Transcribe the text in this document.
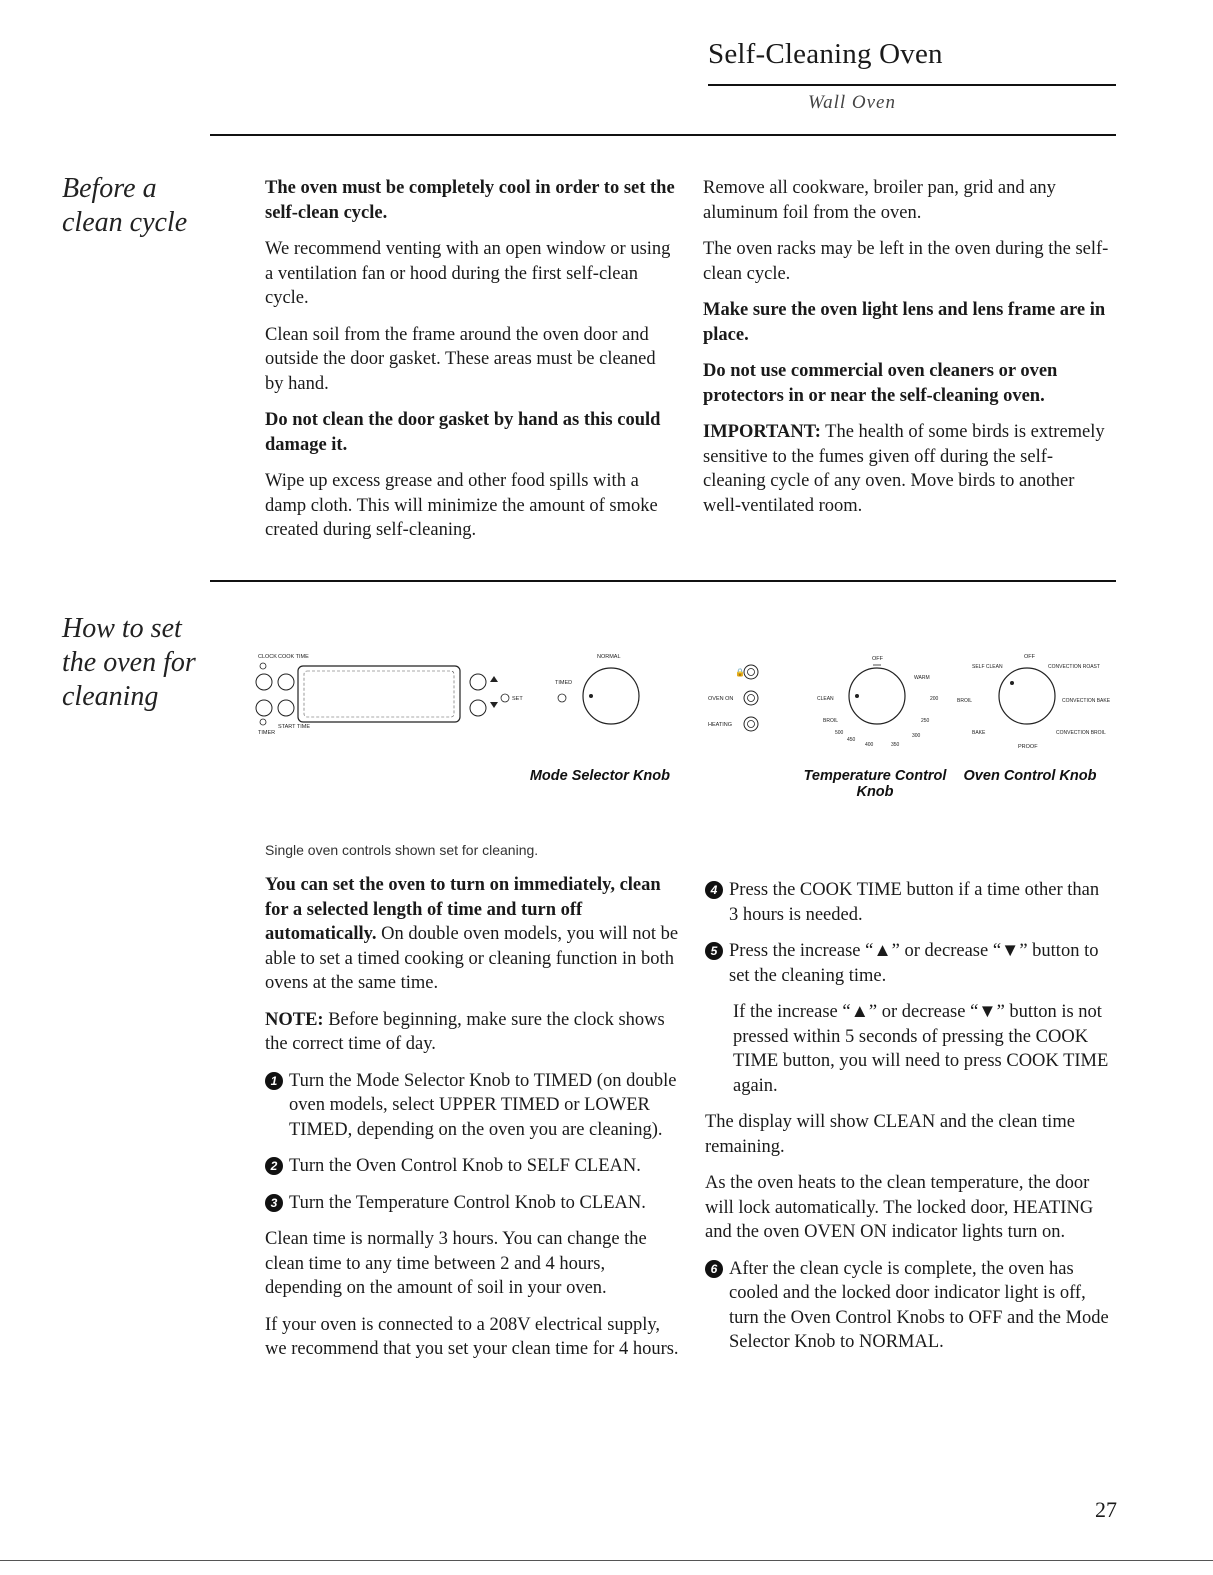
Self-Cleaning Oven
Wall Oven
Before a clean cycle

The oven must be completely cool in order to set the self-clean cycle.

We recommend venting with an open window or using a ventilation fan or hood during the first self-clean cycle.

Clean soil from the frame around the oven door and outside the door gasket. These areas must be cleaned by hand.

Do not clean the door gasket by hand as this could damage it.

Wipe up excess grease and other food spills with a damp cloth. This will minimize the amount of smoke created during self-cleaning.

Remove all cookware, broiler pan, grid and any aluminum foil from the oven.

The oven racks may be left in the oven during the self-clean cycle.

Make sure the oven light lens and lens frame are in place.

Do not use commercial oven cleaners or oven protectors in or near the self-cleaning oven.

IMPORTANT: The health of some birds is extremely sensitive to the fumes given off during the self-cleaning cycle of any oven. Move birds to another well-ventilated room.

How to set the oven for cleaning
CLOCK COOK TIME
TIMER
START TIME
SET
NORMAL
TIMED
🔒
OVEN ON
HEATING
OFF
WARM
CLEAN	200
BROIL	250
300
350
400
450
500
OFF
SELF CLEAN	CONVECTION ROAST
BROIL	CONVECTION BAKE
BAKE	CONVECTION BROIL
PROOF
Mode Selector Knob	Temperature Control
Knob
Oven Control Knob
Single oven controls shown set for cleaning.

You can set the oven to turn on immediately, clean for a selected length of time and turn off automatically. On double oven models, you will not be able to set a timed cooking or cleaning function in both ovens at the same time.

NOTE: Before beginning, make sure the clock shows the correct time of day.

1 Turn the Mode Selector Knob to TIMED (on double oven models, select UPPER TIMED or LOWER TIMED, depending on the oven you are cleaning).
2 Turn the Oven Control Knob to SELF CLEAN.
3 Turn the Temperature Control Knob to CLEAN.

Clean time is normally 3 hours. You can change the clean time to any time between 2 and 4 hours, depending on the amount of soil in your oven.

If your oven is connected to a 208V electrical supply, we recommend that you set your clean time for 4 hours.

4 Press the COOK TIME button if a time other than 3 hours is needed.
5 Press the increase “▲” or decrease “▼” button to set the cleaning time.
If the increase “▲” or decrease “▼” button is not pressed within 5 seconds of pressing the COOK TIME button, you will need to press COOK TIME again.

The display will show CLEAN and the clean time remaining.

As the oven heats to the clean temperature, the door will lock automatically. The locked door, HEATING and the oven OVEN ON indicator lights turn on.

6 After the clean cycle is complete, the oven has cooled and the locked door indicator light is off, turn the Oven Control Knobs to OFF and the Mode Selector Knob to NORMAL.
27
